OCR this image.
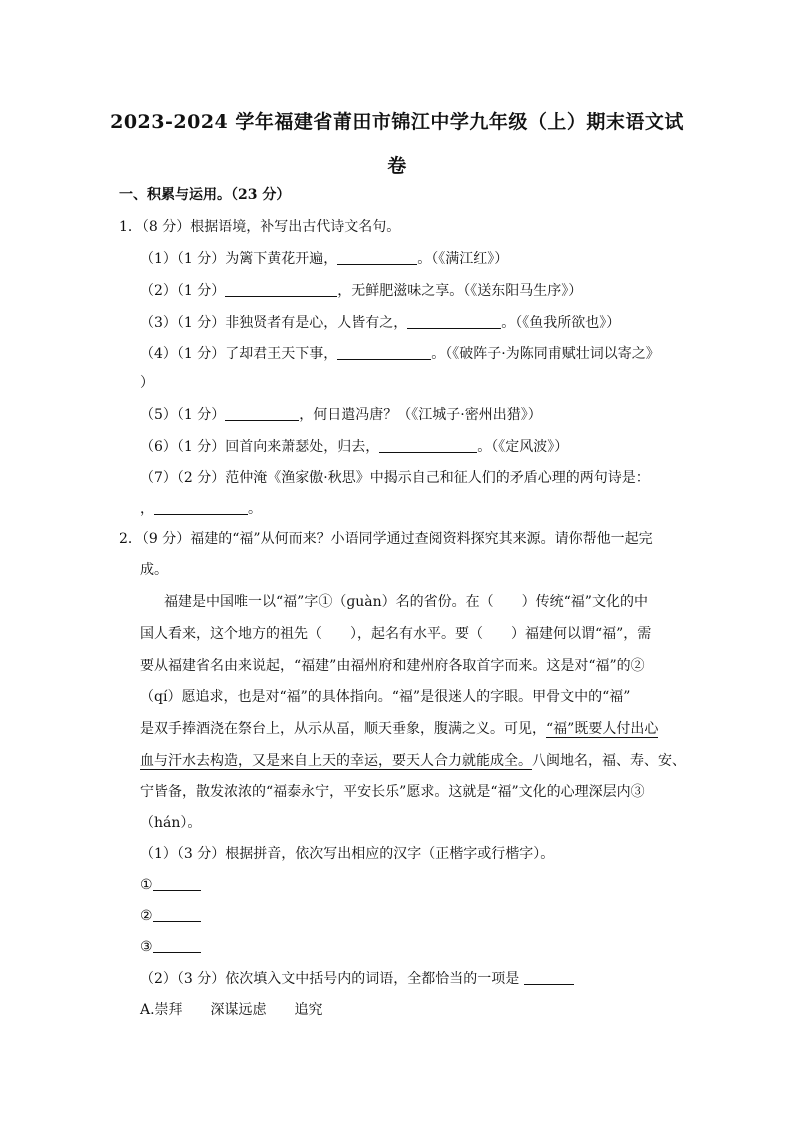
2023-2024 学年福建省莆田市锦江中学九年级（上）期末语文试
卷
一、积累与运用。（23 分）
1．（8 分）根据语境，补写出古代诗文名句。
（1）（1 分）为篱下黄花开遍，	。（《满江红》）
（2）（1 分）	，无鲜肥滋味之享。（《送东阳马生序》）
（3）（1 分）非独贤者有是心，人皆有之，	。（《鱼我所欲也》）
（4）（1 分）了却君王天下事，	。（《破阵子·为陈同甫赋壮词以寄之》
）
（5）（1 分）	，何日遣冯唐？（《江城子·密州出猎》）
（6）（1 分）回首向来萧瑟处，归去，	。（《定风波》）
（7）（2 分）范仲淹《渔家傲·秋思》中揭示自己和征人们的矛盾心理的两句诗是：
，	。
2．（9 分）福建的“福”从何而来？小语同学通过查阅资料探究其来源。请你帮他一起完
成。
福建是中国唯一以“福”字①（ɡuàn）名的省份。在（　　）传统“福”文化的中
国人看来，这个地方的祖先（　　），起名有水平。要（　　）福建何以谓“福”，需
要从福建省名由来说起，“福建”由福州府和建州府各取首字而来。这是对“福”的②
（qí）愿追求，也是对“福”的具体指向。“福”是很迷人的字眼。甲骨文中的“福”
是双手捧酒浇在祭台上，从示从畐，顺天垂象，腹满之义。可见，“福”既要人付出心
血与汗水去构造，又是来自上天的幸运，要天人合力就能成全。八闽地名，福、寿、安、
宁皆备，散发浓浓的“福泰永宁，平安长乐”愿求。这就是“福”文化的心理深层内③
（hán）。
（1）（3 分）根据拼音，依次写出相应的汉字（正楷字或行楷字）。
①
②
③
（2）（3 分）依次填入文中括号内的词语，全都恰当的一项是
A.崇拜　　深谋远虑　　追究
